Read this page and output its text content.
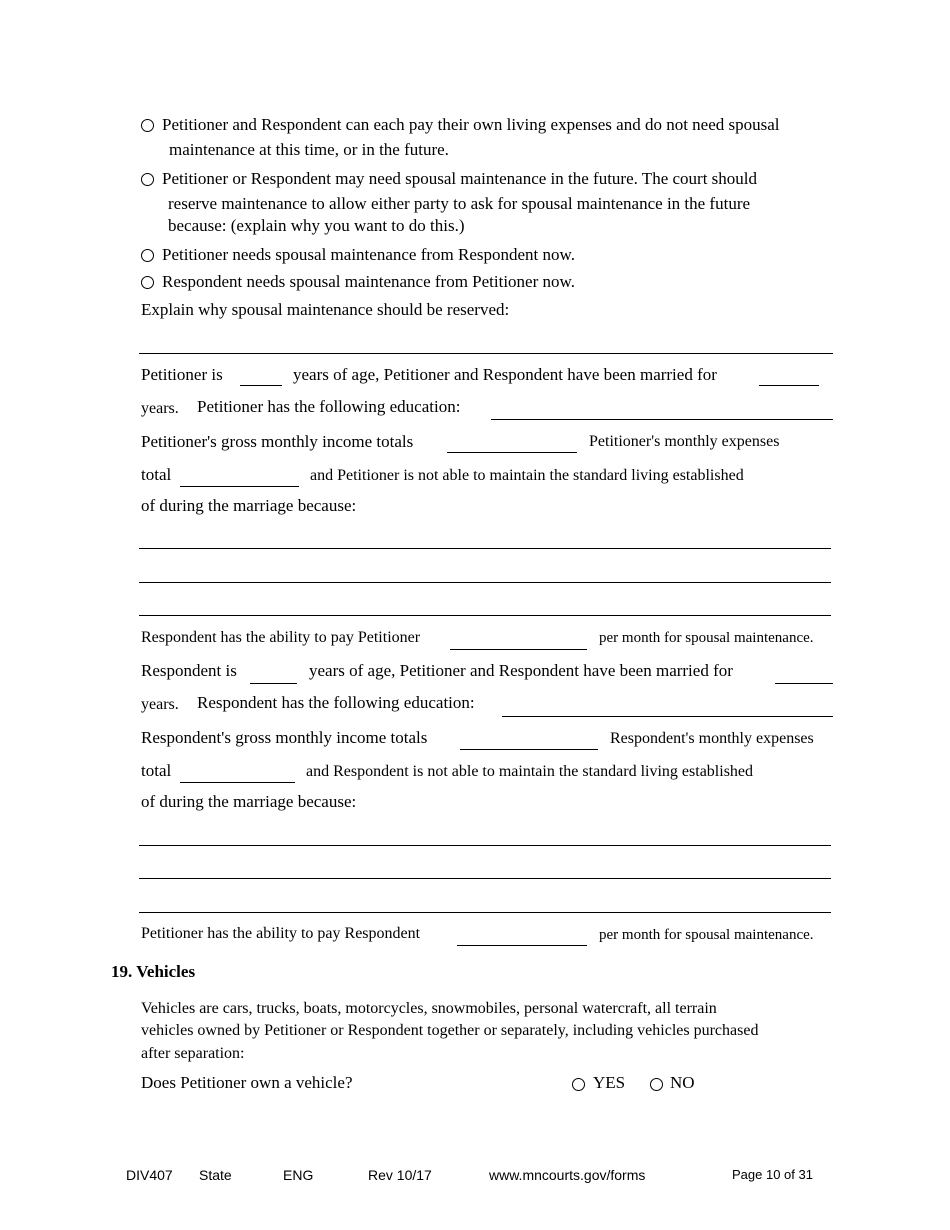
Petitioner and Respondent can each pay their own living expenses and do not need spousal
maintenance at this time, or in the future.
Petitioner or Respondent may need spousal maintenance in the future. The court should
reserve maintenance to allow either party to ask for spousal maintenance in the future
because: (explain why you want to do this.)
Petitioner needs spousal maintenance from Respondent now.
Respondent needs spousal maintenance from Petitioner now.
Explain why spousal maintenance should be reserved:
Petitioner is	years of age, Petitioner and Respondent have been married for
years. Petitioner has the following education:
Petitioner's gross monthly income totals	Petitioner's monthly expenses
total	and Petitioner is not able to maintain the standard living established
of during the marriage because:
Respondent has the ability to pay Petitioner	per month for spousal maintenance.
Respondent is	years of age, Petitioner and Respondent have been married for
years. Respondent has the following education:
Respondent's gross monthly income totals	Respondent's monthly expenses
total	and Respondent is not able to maintain the standard living established
of during the marriage because:
Petitioner has the ability to pay Respondent	per month for spousal maintenance.
19. Vehicles
Vehicles are cars, trucks, boats, motorcycles, snowmobiles, personal watercraft, all terrain
vehicles owned by Petitioner or Respondent together or separately, including vehicles purchased
after separation:
Does Petitioner own a vehicle?	YES	NO
DIV407 State	ENG	Rev 10/17	www.mncourts.gov/forms	Page 10 of 31
